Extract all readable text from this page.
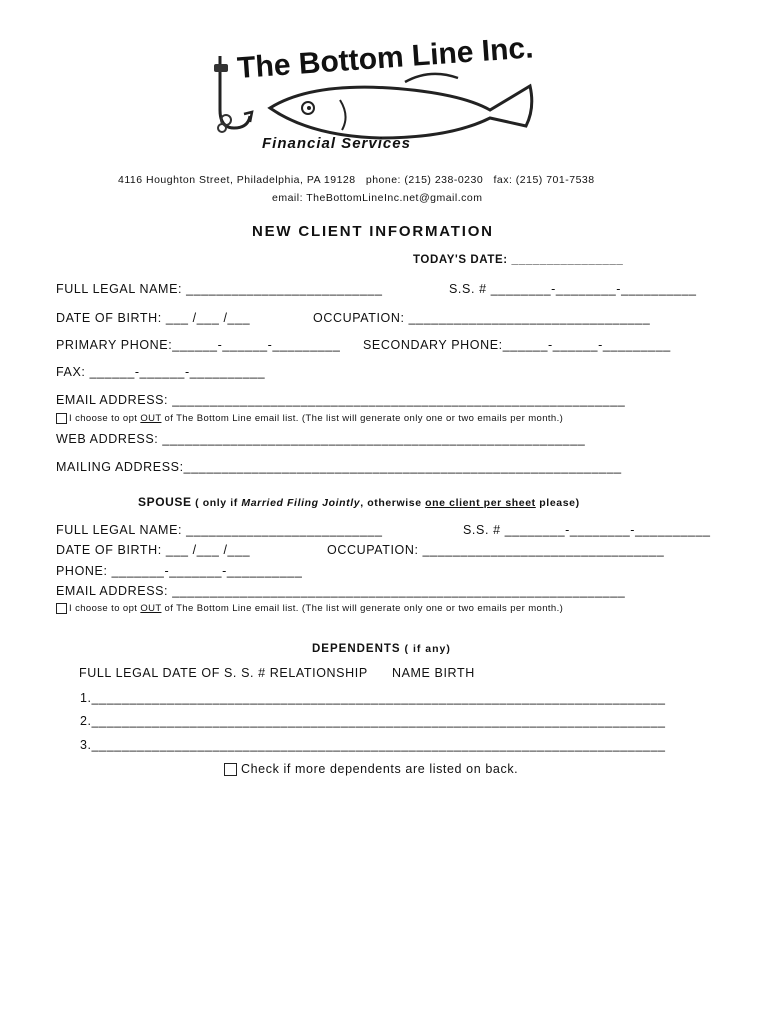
The Bottom Line Inc.
Financial Services
4116 Houghton Street, Philadelphia, PA 19128   phone: (215) 238-0230   fax: (215) 701-7538
email: TheBottomLineInc.net@gmail.com
NEW CLIENT INFORMATION
TODAY'S DATE: ________________
FULL LEGAL NAME: __________________________	S.S. # ________-________-__________
DATE OF BIRTH: ___ /___ /___	OCCUPATION: ________________________________
PRIMARY PHONE:______-______-_________ SECONDARY PHONE:______-______-_________
FAX: ______-______-__________
EMAIL ADDRESS: ____________________________________________________________
I choose to opt OUT of The Bottom Line email list. (The list will generate only one or two emails per month.)
WEB ADDRESS: ________________________________________________________
MAILING ADDRESS:__________________________________________________________
SPOUSE ( only if Married Filing Jointly, otherwise one client per sheet please)
FULL LEGAL NAME: __________________________	S.S. # ________-________-__________
DATE OF BIRTH: ___ /___ /___	OCCUPATION: ________________________________
PHONE: _______-_______-__________
EMAIL ADDRESS: ____________________________________________________________
I choose to opt OUT of The Bottom Line email list. (The list will generate only one or two emails per month.)
DEPENDENTS ( if any)
FULL LEGAL DATE OF S. S. # RELATIONSHIP      NAME BIRTH
1.____________________________________________________________________________
2.____________________________________________________________________________
3.____________________________________________________________________________
Check if more dependents are listed on back.
